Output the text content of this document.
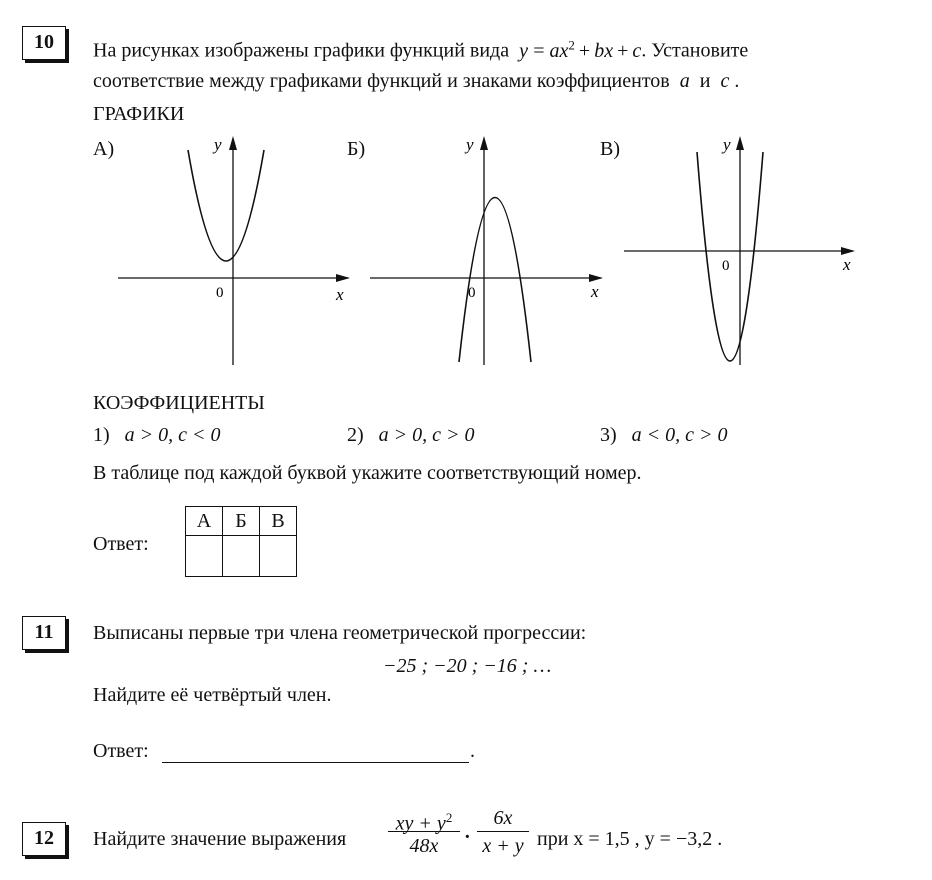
10	На рисунках изображены графики функций вида $y = ax^2$  +  bx  +  c. Установите
соответствие между графиками функций и знаками коэффициентов a и c .
ГРАФИКИ
А)	Б)	В)
y
x
0
y
x
0
y
x
0
КОЭФФИЦИЕНТЫ
1) a > 0, c < 0	2) a > 0, c > 0	3) a < 0, c > 0
В таблице под каждой буквой укажите соответствующий номер.
Ответ:
А	Б	В

11	Выписаны первые три члена геометрической прогрессии:
−25 ; −20 ; −16 ; …
Найдите её четвёртый член.
Ответ:	.
12	Найдите значение выражения
xy + $y^2$
48x	·
6x
x + y при x = 1,5 , y = −3,2 .
